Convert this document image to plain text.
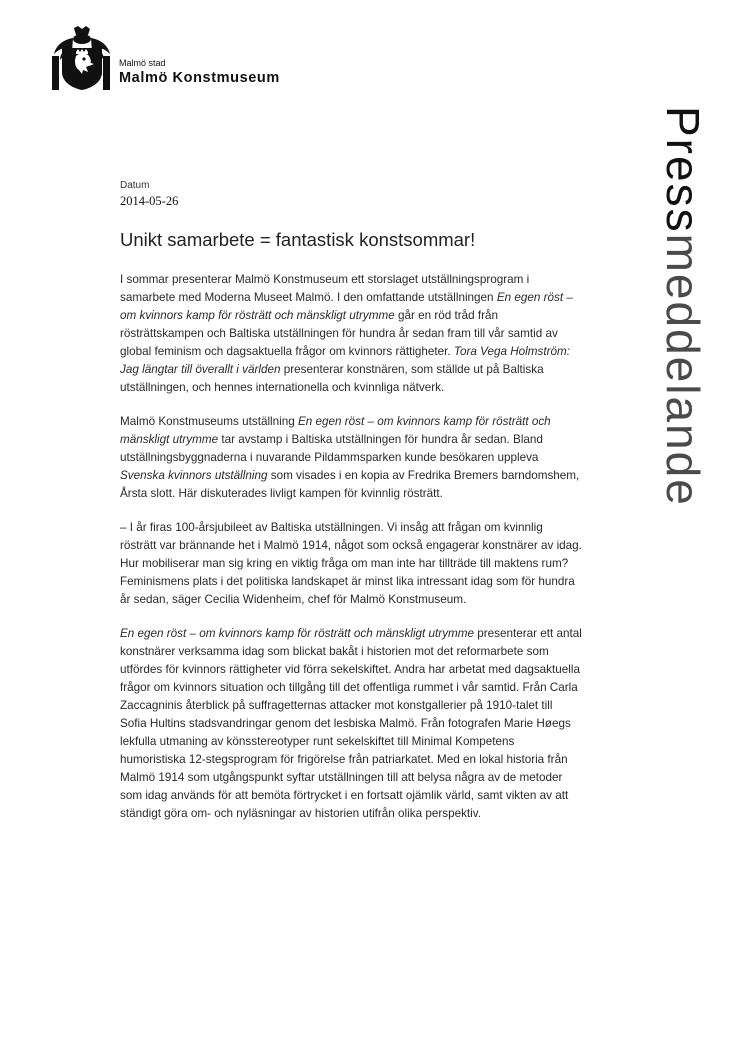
Malmö stad
Malmö Konstmuseum
Pressmeddelande
Datum
2014-05-26
Unikt samarbete = fantastisk konstsommar!

I sommar presenterar Malmö Konstmuseum ett storslaget utställningsprogram i samarbete med Moderna Museet Malmö. I den omfattande utställningen En egen röst – om kvinnors kamp för rösträtt och mänskligt utrymme går en röd tråd från rösträttskampen och Baltiska utställningen för hundra år sedan fram till vår samtid av global feminism och dagsaktuella frågor om kvinnors rättigheter. Tora Vega Holmström: Jag längtar till överallt i världen presenterar konstnären, som ställde ut på Baltiska utställningen, och hennes internationella och kvinnliga nätverk.

Malmö Konstmuseums utställning En egen röst – om kvinnors kamp för rösträtt och mänskligt utrymme tar avstamp i Baltiska utställningen för hundra år sedan. Bland utställningsbyggnaderna i nuvarande Pildammsparken kunde besökaren uppleva Svenska kvinnors utställning som visades i en kopia av Fredrika Bremers barndomshem, Årsta slott. Här diskuterades livligt kampen för kvinnlig rösträtt.

– I år firas 100-årsjubileet av Baltiska utställningen. Vi insåg att frågan om kvinnlig rösträtt var brännande het i Malmö 1914, något som också engagerar konstnärer av idag. Hur mobiliserar man sig kring en viktig fråga om man inte har tillträde till maktens rum? Feminismens plats i det politiska landskapet är minst lika intressant idag som för hundra år sedan, säger Cecilia Widenheim, chef för Malmö Konstmuseum.

En egen röst – om kvinnors kamp för rösträtt och mänskligt utrymme presenterar ett antal konstnärer verksamma idag som blickat bakåt i historien mot det reformarbete som utfördes för kvinnors rättigheter vid förra sekelskiftet. Andra har arbetat med dagsaktuella frågor om kvinnors situation och tillgång till det offentliga rummet i vår samtid. Från Carla Zaccagninis återblick på suffragetternas attacker mot konstgallerier på 1910-talet till Sofia Hultins stadsvandringar genom det lesbiska Malmö. Från fotografen Marie Høegs lekfulla utmaning av könsstereotyper runt sekelskiftet till Minimal Kompetens humoristiska 12-stegsprogram för frigörelse från patriarkatet. Med en lokal historia från Malmö 1914 som utgångspunkt syftar utställningen till att belysa några av de metoder som idag används för att bemöta förtrycket i en fortsatt ojämlik värld, samt vikten av att ständigt göra om- och nyläsningar av historien utifrån olika perspektiv.
